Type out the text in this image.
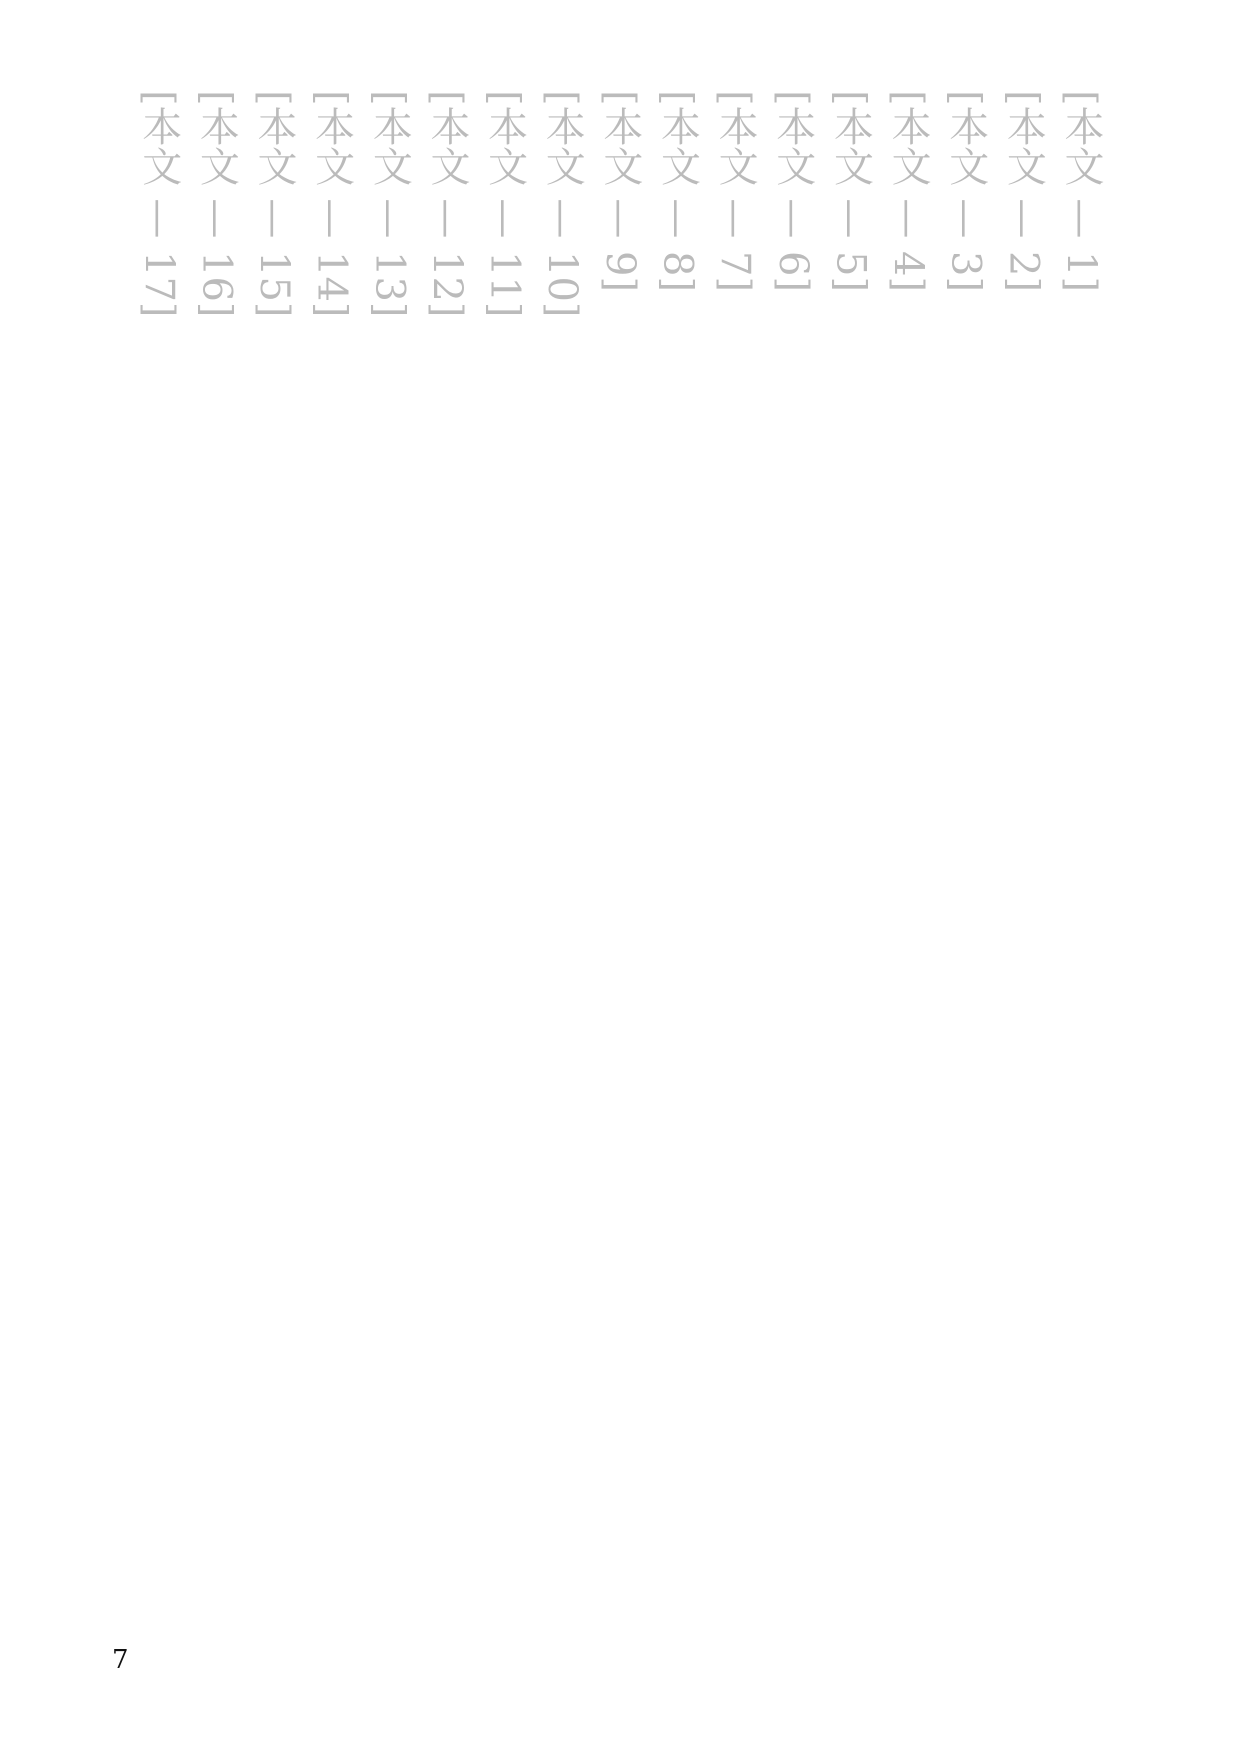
[本文 — 1]
[本文 — 2]
[本文 — 3]
[本文 — 4]
[本文 — 5]
[本文 — 6]
[本文 — 7]
[本文 — 8]
[本文 — 9]
[本文 — 10]
[本文 — 11]
[本文 — 12]
[本文 — 13]
[本文 — 14]
[本文 — 15]
[本文 — 16]
[本文 — 17]
7
